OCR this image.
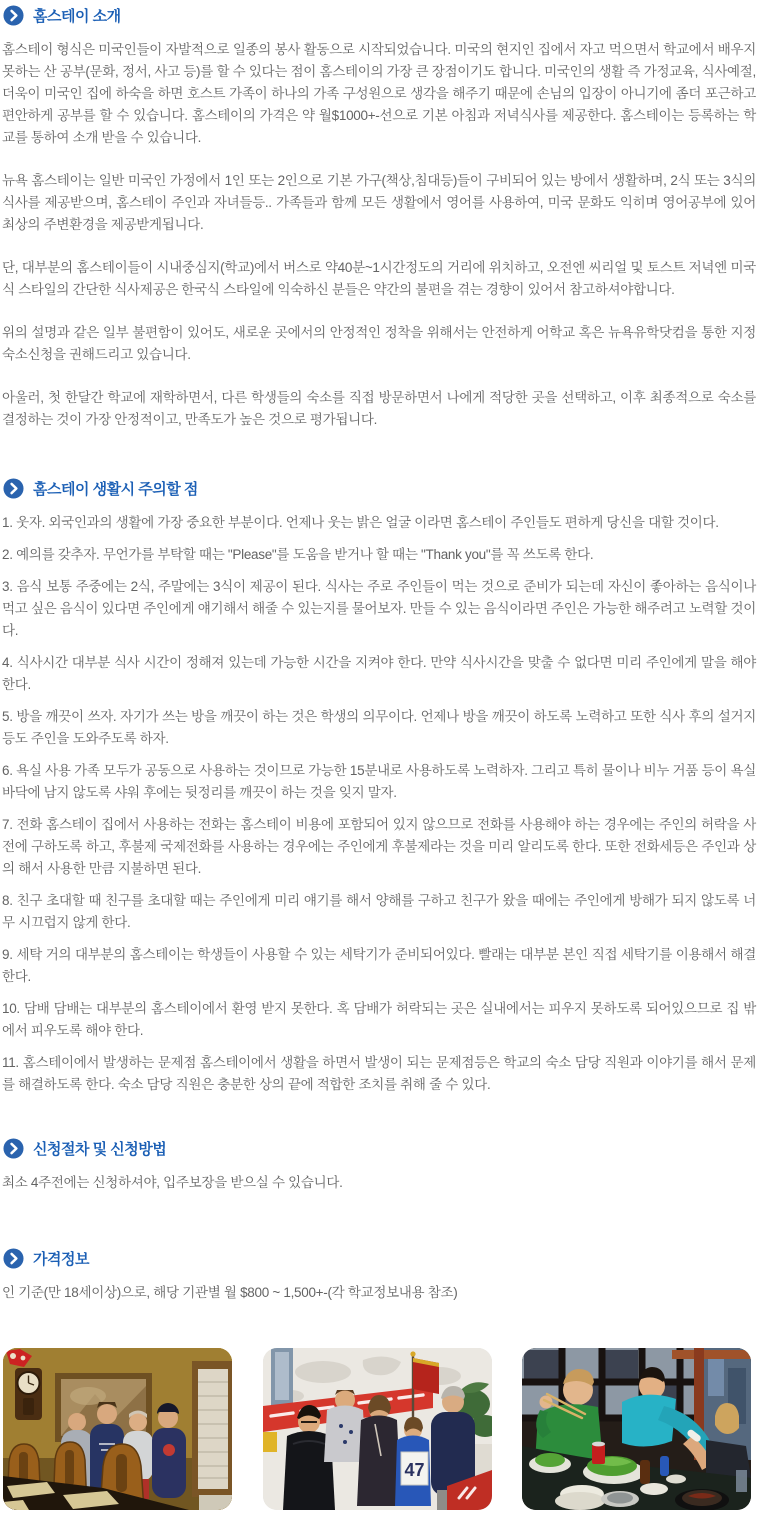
홈스테이 소개

홈스테이 형식은 미국인들이 자발적으로 일종의 봉사 활동으로 시작되었습니다. 미국의 현지인 집에서 자고 먹으면서 학교에서 배우지 못하는 산 공부(문화, 정서, 사고 등)를 할 수 있다는 점이 홈스테이의 가장 큰 장점이기도 합니다. 미국인의 생활 즉 가정교육, 식사예절, 더욱이 미국인 집에 하숙을 하면 호스트 가족이 하나의 가족 구성원으로 생각을 해주기 때문에 손님의 입장이 아니기에 좀더 포근하고 편안하게 공부를 할 수 있습니다. 홈스테이의 가격은 약 월$1000+-선으로 기본 아침과 저녁식사를 제공한다. 홈스테이는 등록하는 학교를 통하여 소개 받을 수 있습니다.

뉴욕 홈스테이는 일반 미국인 가정에서 1인 또는 2인으로 기본 가구(책상,침대등)들이 구비되어 있는 방에서 생활하며, 2식 또는 3식의 식사를 제공받으며, 홈스테이 주인과 자녀들등.. 가족들과 함께 모든 생활에서 영어를 사용하여, 미국 문화도 익히며 영어공부에 있어 최상의 주변환경을 제공받게됩니다.

단, 대부분의 홈스테이들이 시내중심지(학교)에서 버스로 약40분~1시간정도의 거리에 위치하고, 오전엔 씨리얼 및 토스트 저녁엔 미국식 스타일의 간단한 식사제공은 한국식 스타일에 익숙하신 분들은 약간의 불편을 겪는 경향이 있어서 참고하셔야합니다.

위의 설명과 같은 일부 불편함이 있어도, 새로운 곳에서의 안정적인 정착을 위해서는 안전하게 어학교 혹은 뉴욕유학닷컴을 통한 지정 숙소신청을 권해드리고 있습니다.

아울러, 첫 한달간 학교에 재학하면서, 다른 학생들의 숙소를 직접 방문하면서 나에게 적당한 곳을 선택하고, 이후 최종적으로 숙소를 결정하는 것이 가장 안정적이고, 만족도가 높은 것으로 평가됩니다.

홈스테이 생활시 주의할 점

1. 웃자. 외국인과의 생활에 가장 중요한 부분이다. 언제나 웃는 밝은 얼굴 이라면 홈스테이 주인들도 편하게 당신을 대할 것이다.

2. 예의를 갖추자. 무언가를 부탁할 때는 "Please"를 도움을 받거나 할 때는 "Thank you"를 꼭 쓰도록 한다.

3. 음식 보통 주중에는 2식, 주말에는 3식이 제공이 된다. 식사는 주로 주인들이 먹는 것으로 준비가 되는데 자신이 좋아하는 음식이나 먹고 싶은 음식이 있다면 주인에게 얘기해서 해줄 수 있는지를 물어보자. 만들 수 있는 음식이라면 주인은 가능한 해주려고 노력할 것이다.

4. 식사시간 대부분 식사 시간이 정해져 있는데 가능한 시간을 지켜야 한다. 만약 식사시간을 맞출 수 없다면 미리 주인에게 말을 해야한다.

5. 방을 깨끗이 쓰자. 자기가 쓰는 방을 깨끗이 하는 것은 학생의 의무이다. 언제나 방을 깨끗이 하도록 노력하고 또한 식사 후의 설거지 등도 주인을 도와주도록 하자.

6. 욕실 사용 가족 모두가 공동으로 사용하는 것이므로 가능한 15분내로 사용하도록 노력하자. 그리고 특히 물이나 비누 거품 등이 욕실 바닥에 남지 않도록 샤워 후에는 뒷정리를 깨끗이 하는 것을 잊지 말자.

7. 전화 홈스테이 집에서 사용하는 전화는 홈스테이 비용에 포함되어 있지 않으므로 전화를 사용해야 하는 경우에는 주인의 허락을 사전에 구하도록 하고, 후불제 국제전화를 사용하는 경우에는 주인에게 후불제라는 것을 미리 알리도록 한다. 또한 전화세등은 주인과 상의 해서 사용한 만큼 지불하면 된다.

8. 친구 초대할 때 친구를 초대할 때는 주인에게 미리 얘기를 해서 양해를 구하고 친구가 왔을 때에는 주인에게 방해가 되지 않도록 너무 시끄럽지 않게 한다.

9. 세탁 거의 대부분의 홈스테이는 학생들이 사용할 수 있는 세탁기가 준비되어있다. 빨래는 대부분 본인 직접 세탁기를 이용해서 해결한다.

10. 담배 담배는 대부분의 홈스테이에서 환영 받지 못한다. 혹 담배가 허락되는 곳은 실내에서는 피우지 못하도록 되어있으므로 집 밖에서 피우도록 해야 한다.

11. 홈스테이에서 발생하는 문제점 홈스테이에서 생활을 하면서 발생이 되는 문제점등은 학교의 숙소 담당 직원과 이야기를 해서 문제를 해결하도록 한다. 숙소 담당 직원은 충분한 상의 끝에 적합한 조치를 취해 줄 수 있다.

신청절차 및 신청방법

최소 4주전에는 신청하셔야, 입주보장을 받으실 수 있습니다.

가격정보

인 기준(만 18세이상)으로, 해당 기관별 월 $800 ~ 1,500+-(각 학교정보내용 참조)

47
